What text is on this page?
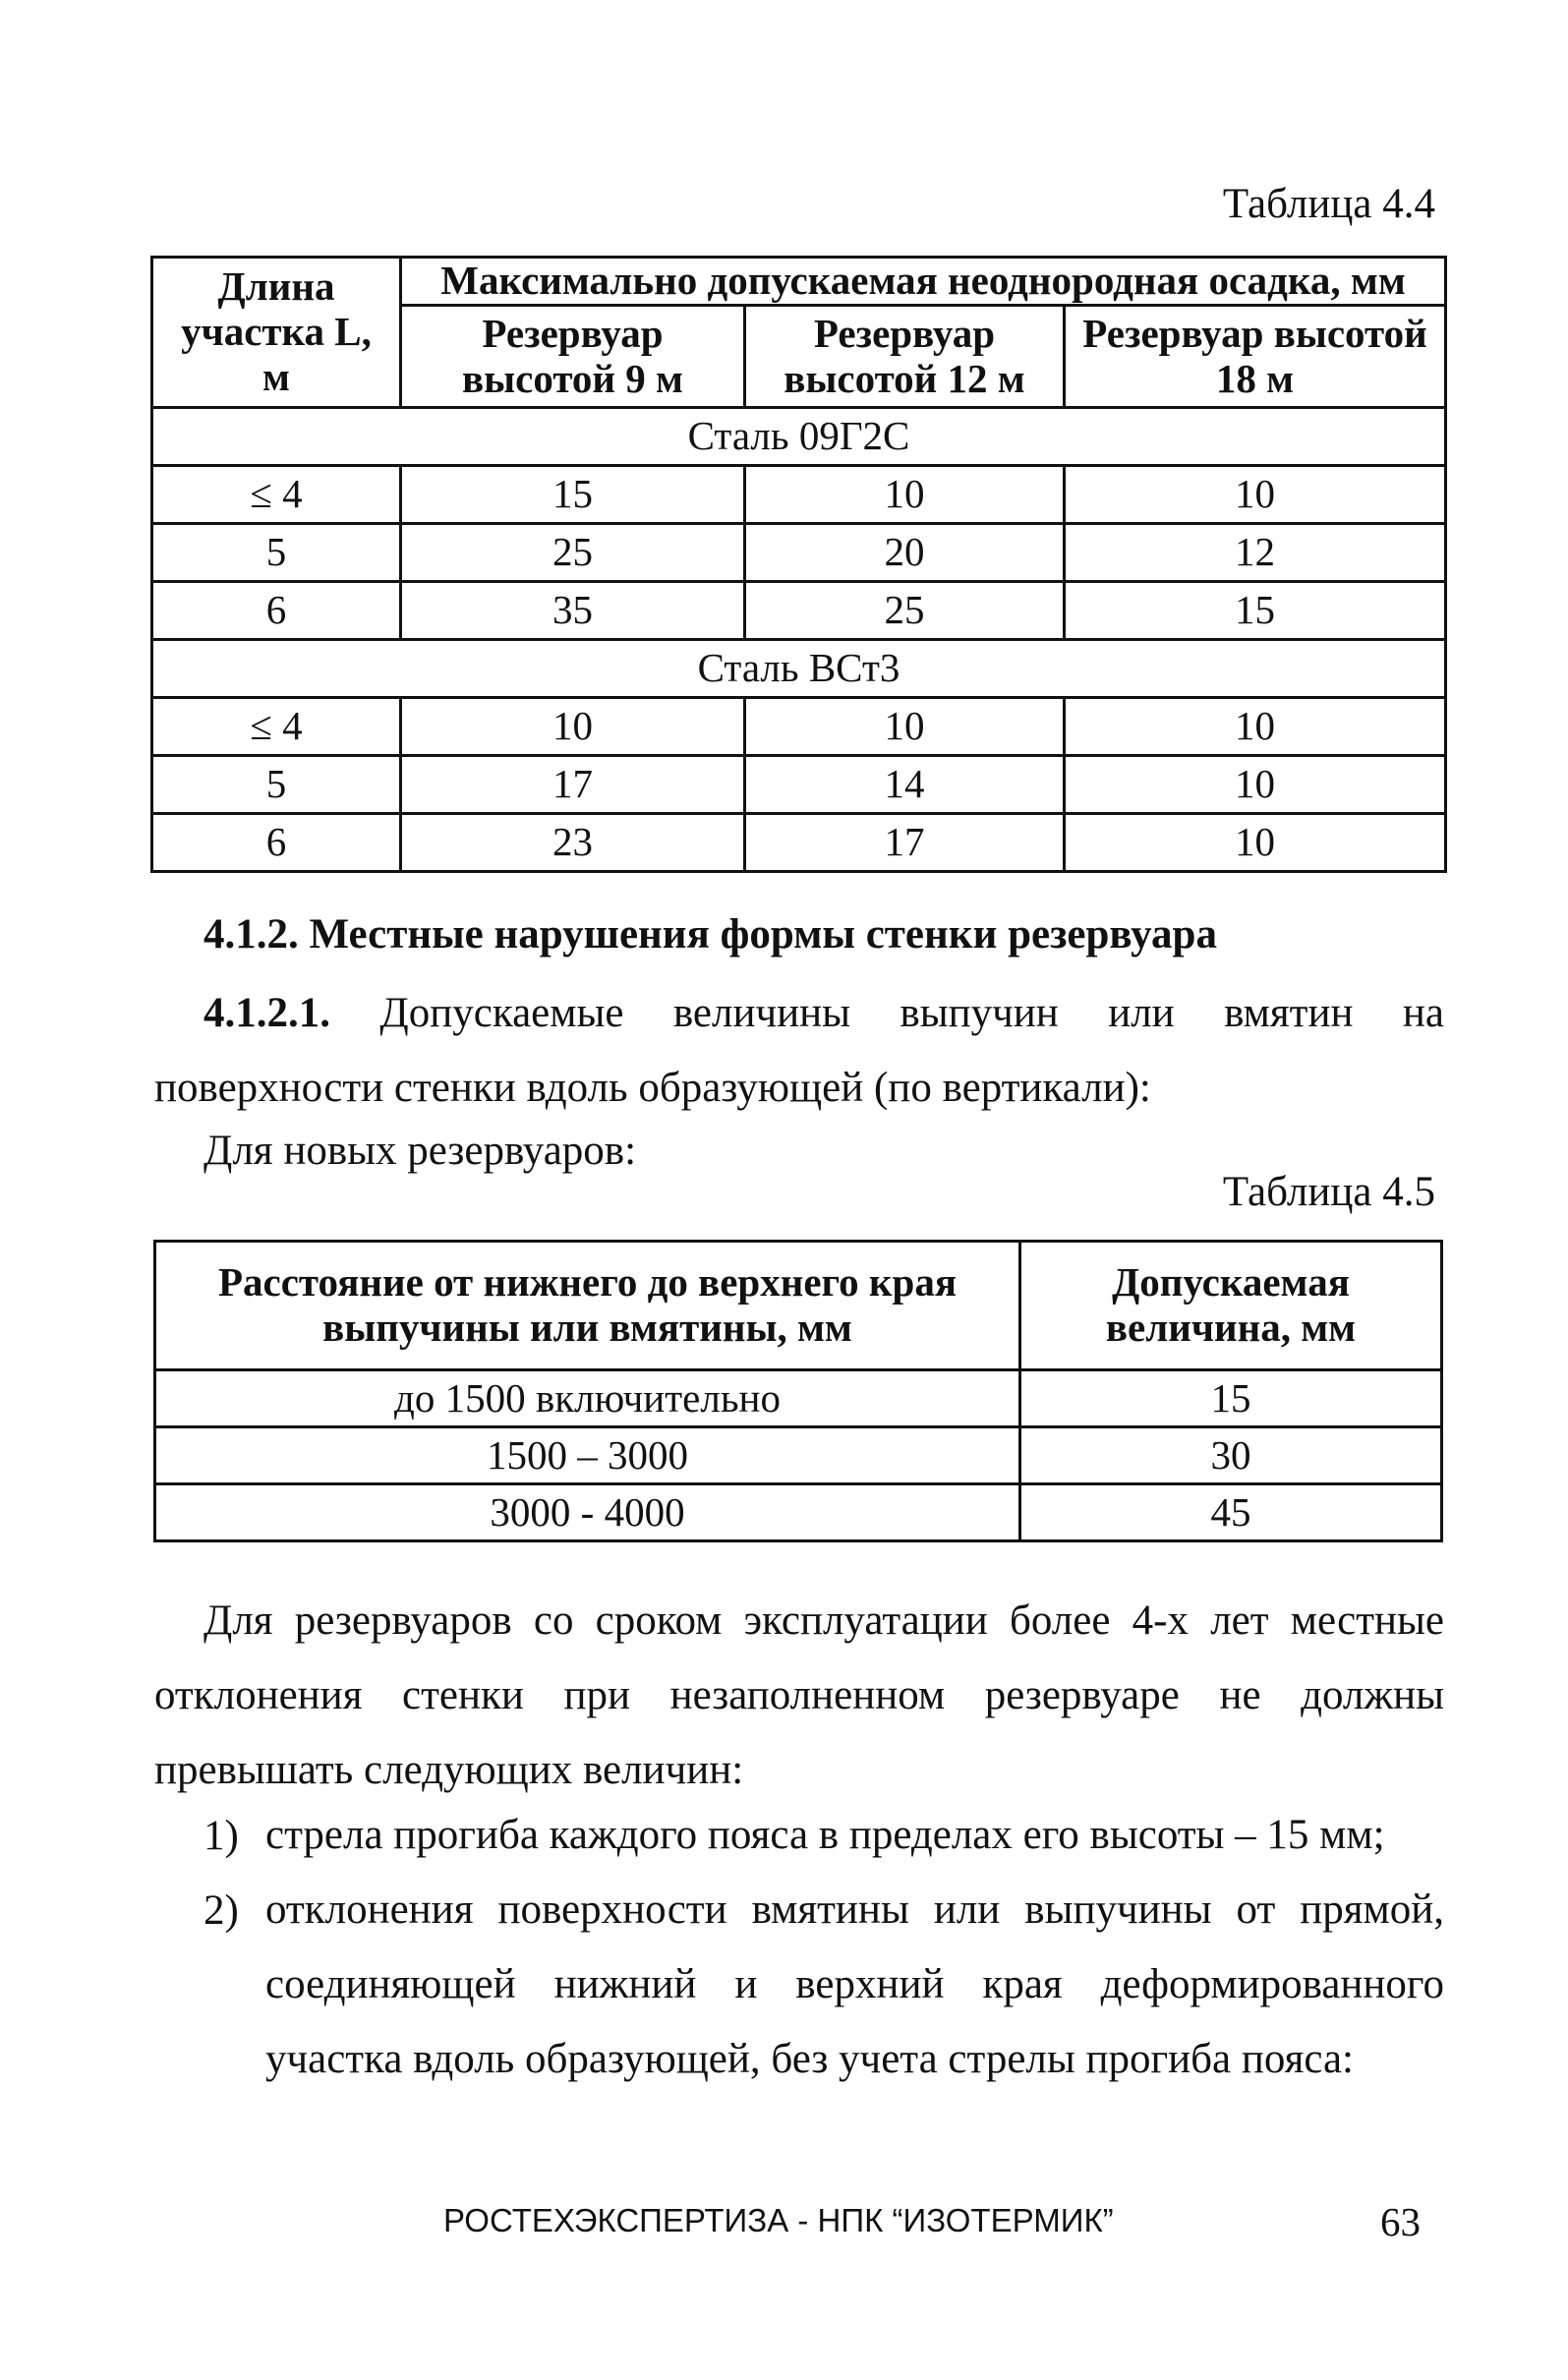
Таблица 4.4
Длина участка L, м	Максимально допускаемая неоднородная осадка, мм		
	Резервуар высотой 9 м	Резервуар высотой 12 м	Резервуар высотой 18 м
Сталь 09Г2С			
≤ 4	15	10	10
5	25	20	12
6	35	25	15
Сталь ВСт3			
≤ 4	10	10	10
5	17	14	10
6	23	17	10
4.1.2. Местные нарушения формы стенки резервуара
4.1.2.1. Допускаемые величины выпучин или вмятин на поверхности стенки вдоль образующей (по вертикали):
Для новых резервуаров:
Таблица 4.5
Расстояние от нижнего до верхнего края выпучины или вмятины, мм	Допускаемая величина, мм
до 1500 включительно	15
1500 – 3000	30
3000 - 4000	45
Для резервуаров со сроком эксплуатации более 4-х лет местные отклонения стенки при незаполненном резервуаре не должны превышать следующих величин:
1) стрела прогиба каждого пояса в пределах его высоты – 15 мм;
2) отклонения поверхности вмятины или выпучины от прямой, соединяющей нижний и верхний края деформированного участка вдоль образующей, без учета стрелы прогиба пояса:
РОСТЕХЭКСПЕРТИЗА - НПК “ИЗОТЕРМИК”	63
